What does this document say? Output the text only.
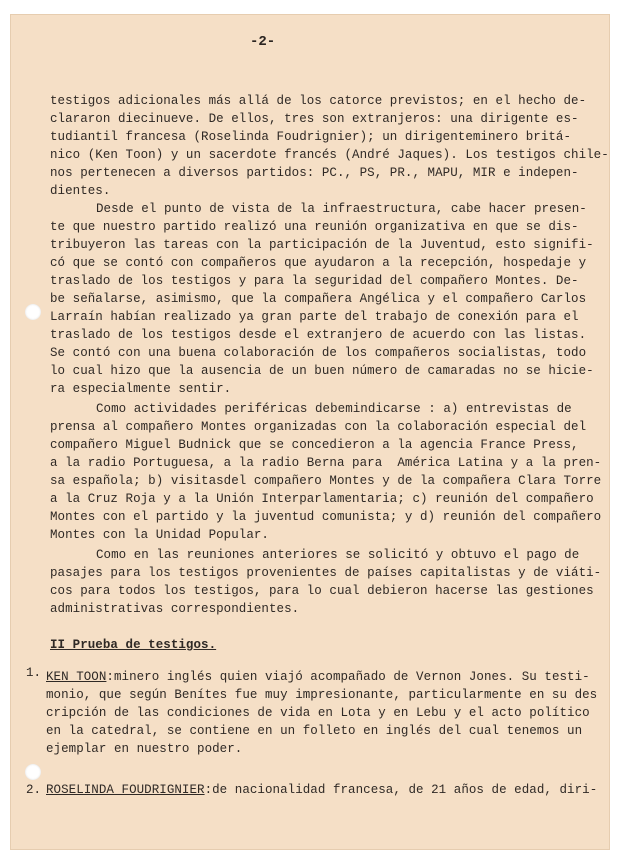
-2-
testigos adicionales más allá de los catorce previstos; en el hecho de-
clararon diecinueve. De ellos, tres son extranjeros: una dirigente es-
tudiantil francesa (Roselinda Foudrignier); un dirigenteminero britá-
nico (Ken Toon) y un sacerdote francés (André Jaques). Los testigos chile-
nos pertenecen a diversos partidos: PC., PS, PR., MAPU, MIR e indepen-
dientes.
Desde el punto de vista de la infraestructura, cabe hacer presen-
te que nuestro partido realizó una reunión organizativa en que se dis-
tribuyeron las tareas con la participación de la Juventud, esto signifi-
có que se contó con compañeros que ayudaron a la recepción, hospedaje y
traslado de los testigos y para la seguridad del compañero Montes. De-
be señalarse, asimismo, que la compañera Angélica y el compañero Carlos
Larraín habían realizado ya gran parte del trabajo de conexión para el
traslado de los testigos desde el extranjero de acuerdo con las listas.
Se contó con una buena colaboración de los compañeros socialistas, todo
lo cual hizo que la ausencia de un buen número de camaradas no se hicie-
ra especialmente sentir.
Como actividades periféricas debemindicarse : a) entrevistas de
prensa al compañero Montes organizadas con la colaboración especial del
compañero Miguel Budnick que se concedieron a la agencia France Press,
a la radio Portuguesa, a la radio Berna para  América Latina y a la pren-
sa española; b) visitasdel compañero Montes y de la compañera Clara Torre
a la Cruz Roja y a la Unión Interparlamentaria; c) reunión del compañero
Montes con el partido y la juventud comunista; y d) reunión del compañero
Montes con la Unidad Popular.
Como en las reuniones anteriores se solicitó y obtuvo el pago de
pasajes para los testigos provenientes de países capitalistas y de viáti-
cos para todos los testigos, para lo cual debieron hacerse las gestiones
administrativas correspondientes.
II Prueba de testigos.
1. KEN TOON:minero inglés quien viajó acompañado de Vernon Jones. Su testi-
monio, que según Benítes fue muy impresionante, particularmente en su des
cripción de las condiciones de vida en Lota y en Lebu y el acto político
en la catedral, se contiene en un folleto en inglés del cual tenemos un
ejemplar en nuestro poder.
2. ROSELINDA FOUDRIGNIER:de nacionalidad francesa, de 21 años de edad, diri-
